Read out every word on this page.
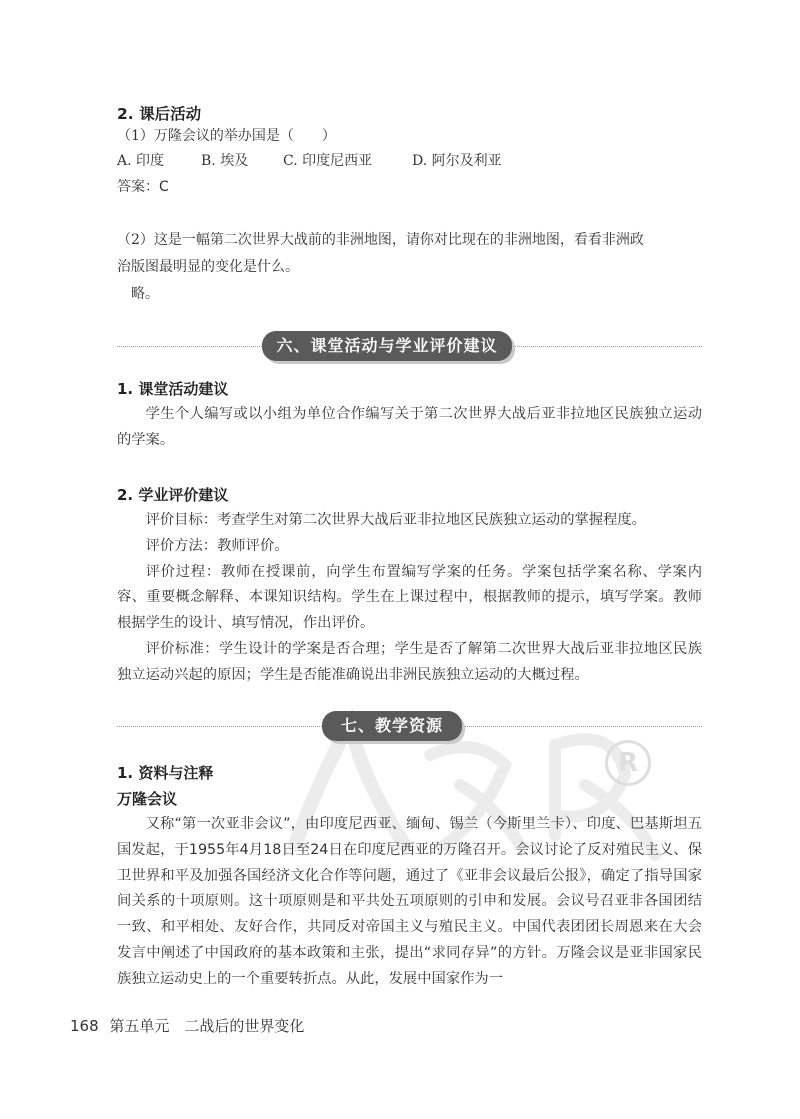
R
2. 课后活动
（1）万隆会议的举办国是（　　）
A. 印度	B. 埃及 C. 印度尼西亚	D. 阿尔及利亚
答案：C
（2）这是一幅第二次世界大战前的非洲地图，请你对比现在的非洲地图，看看非洲政
治版图最明显的变化是什么。
略。
六、课堂活动与学业评价建议
1. 课堂活动建议

学生个人编写或以小组为单位合作编写关于第二次世界大战后亚非拉地区民族独立运动的学案。

2. 学业评价建议

评价目标：考查学生对第二次世界大战后亚非拉地区民族独立运动的掌握程度。

评价方法：教师评价。

评价过程：教师在授课前，向学生布置编写学案的任务。学案包括学案名称、学案内容、重要概念解释、本课知识结构。学生在上课过程中，根据教师的提示，填写学案。教师根据学生的设计、填写情况，作出评价。

评价标准：学生设计的学案是否合理；学生是否了解第二次世界大战后亚非拉地区民族独立运动兴起的原因；学生是否能准确说出非洲民族独立运动的大概过程。

七、教学资源
1. 资料与注释
万隆会议

又称“第一次亚非会议”，由印度尼西亚、缅甸、锡兰（今斯里兰卡）、印度、巴基斯坦五国发起，于1955年4月18日至24日在印度尼西亚的万隆召开。会议讨论了反对殖民主义、保卫世界和平及加强各国经济文化合作等问题，通过了《亚非会议最后公报》，确定了指导国家间关系的十项原则。这十项原则是和平共处五项原则的引申和发展。会议号召亚非各国团结一致、和平相处、友好合作，共同反对帝国主义与殖民主义。中国代表团团长周恩来在大会发言中阐述了中国政府的基本政策和主张，提出“求同存异”的方针。万隆会议是亚非国家民族独立运动史上的一个重要转折点。从此，发展中国家作为一

168 第五单元　二战后的世界变化
